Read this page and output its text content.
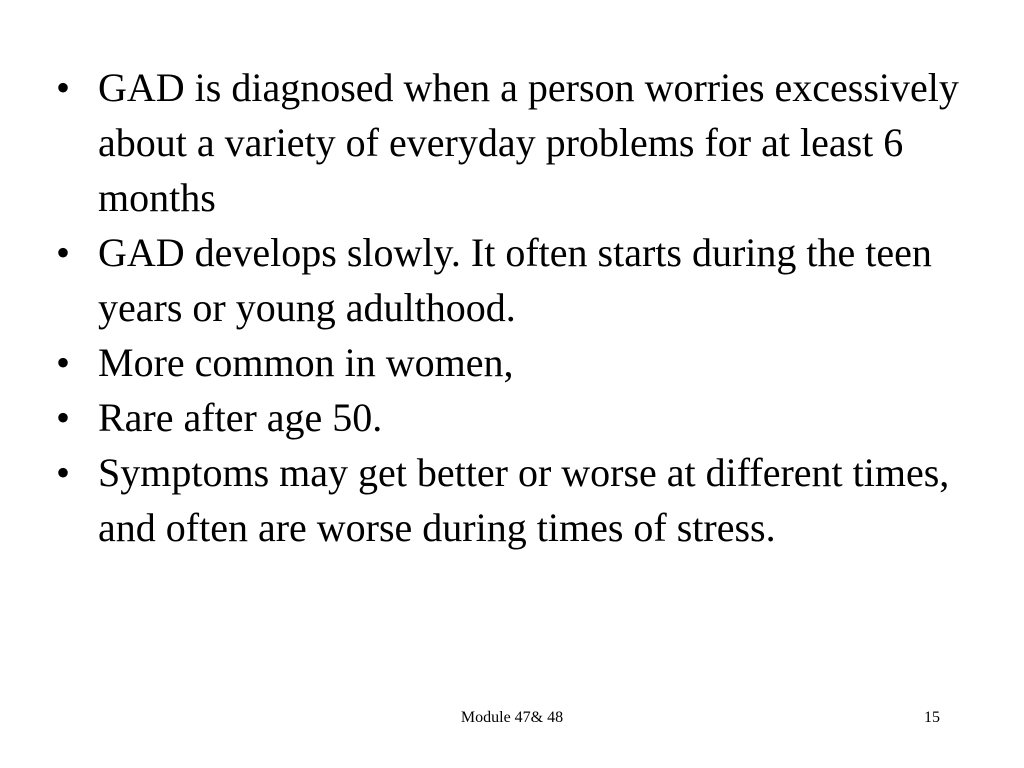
• GAD is diagnosed when a person worries excessively about a variety of everyday problems for at least 6 months
• GAD develops slowly. It often starts during the teen years or young adulthood.
• More common in women,
• Rare after age 50.
• Symptoms may get better or worse at different times, and often are worse during times of stress.
Module 47& 48	15
